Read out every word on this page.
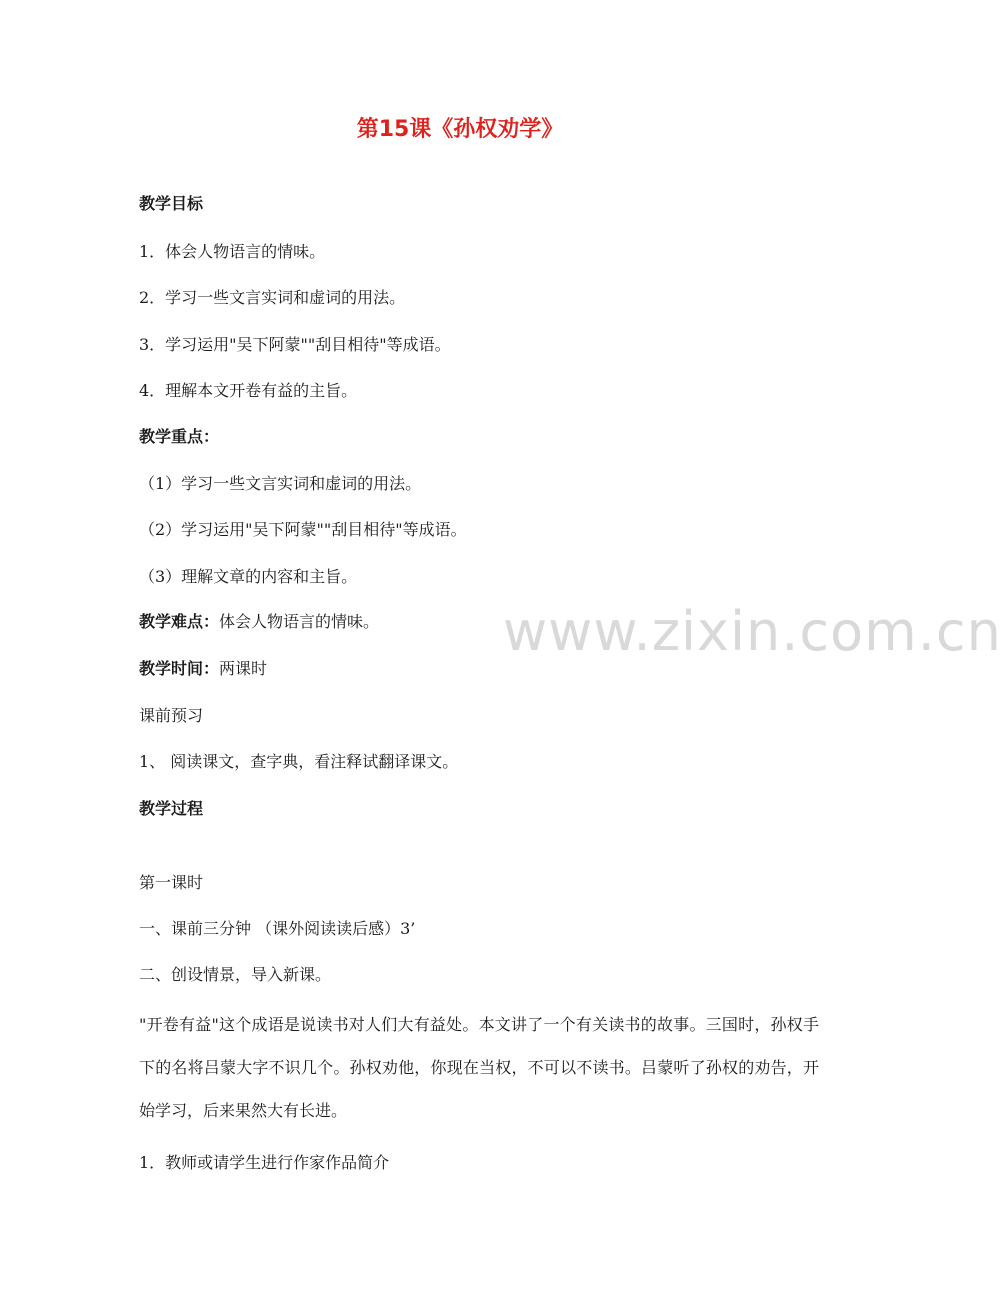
第15课《孙权劝学》
教学目标
1．体会人物语言的情味。
2．学习一些文言实词和虚词的用法。
3．学习运用"吴下阿蒙""刮目相待"等成语。
4．理解本文开卷有益的主旨。
教学重点：
（1）学习一些文言实词和虚词的用法。
（2）学习运用"吴下阿蒙""刮目相待"等成语。
（3）理解文章的内容和主旨。
教学难点：体会人物语言的情味。
教学时间：两课时
课前预习
1、 阅读课文，查字典，看注释试翻译课文。
教学过程
第一课时
一、课前三分钟 （课外阅读读后感）3’
二、创设情景，导入新课。
"开卷有益"这个成语是说读书对人们大有益处。本文讲了一个有关读书的故事。三国时，孙权手下的名将吕蒙大字不识几个。孙权劝他，你现在当权，不可以不读书。吕蒙听了孙权的劝告，开始学习，后来果然大有长进。
1．教师或请学生进行作家作品简介
www.zixin.com.cn
